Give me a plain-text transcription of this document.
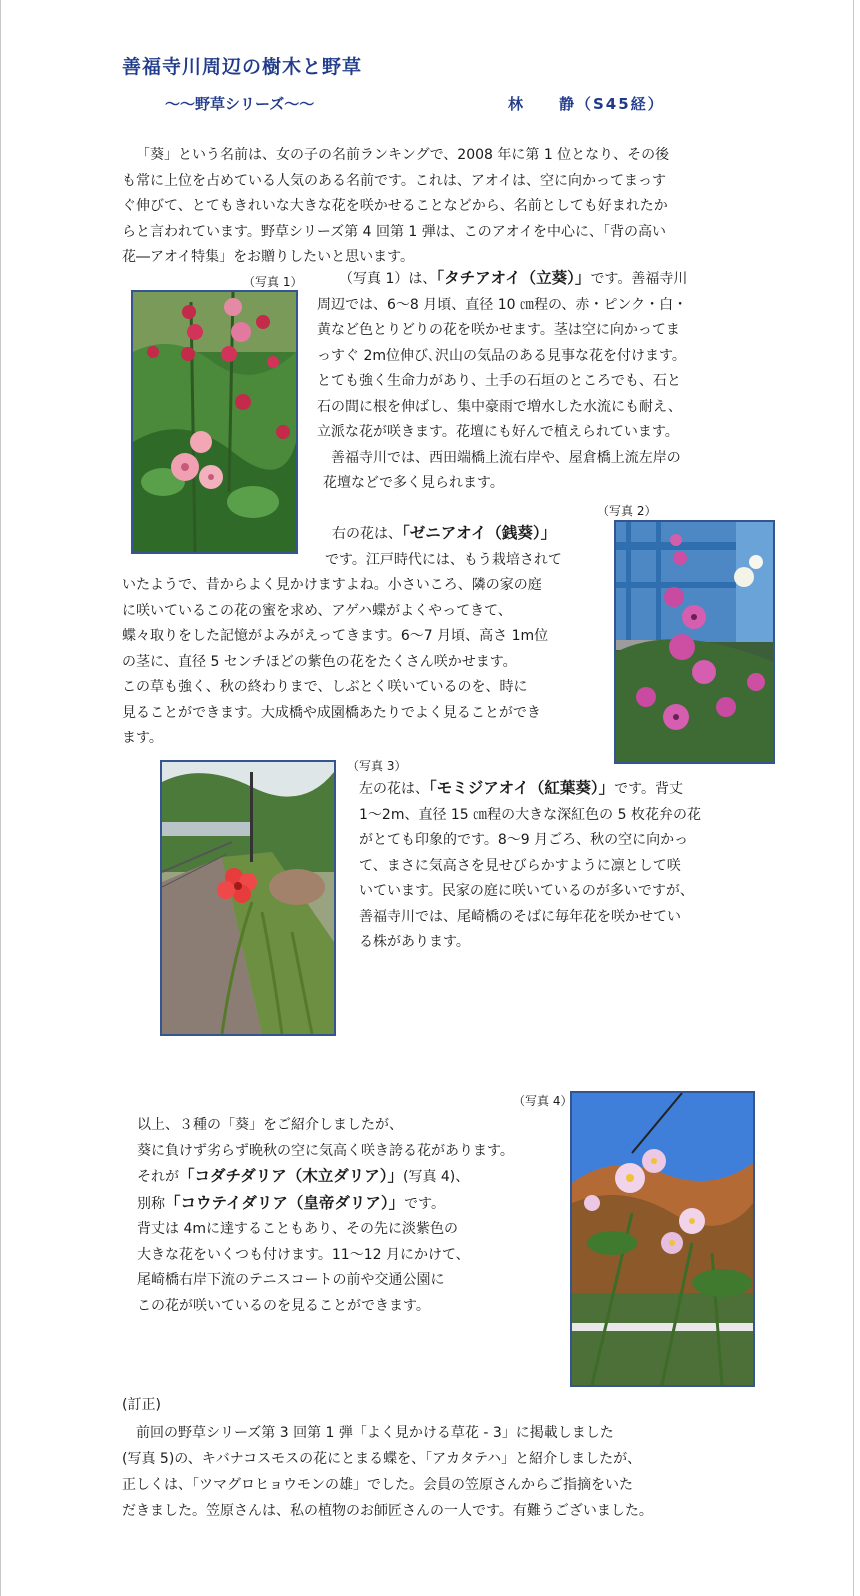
善福寺川周辺の樹木と野草
～～野草シリーズ～～	林　　静（S45経）
「葵」という名前は、女の子の名前ランキングで、2008 年に第 1 位となり、その後
も常に上位を占めている人気のある名前です。これは、アオイは、空に向かってまっす
ぐ伸びて、とてもきれいな大きな花を咲かせることなどから、名前としても好まれたか
らと言われています。野草シリーズ第 4 回第 1 弾は、このアオイを中心に、「背の高い
花―アオイ特集」をお贈りしたいと思います。
（写真 1）	（写真 1）は、「タチアオイ（立葵）」です。善福寺川
周辺では、6～8 月頃、直径 10 ㎝程の、赤・ピンク・白・
黄など色とりどりの花を咲かせます。茎は空に向かってま
っすぐ 2m位伸び､沢山の気品のある見事な花を付けます。
とても強く生命力があり、土手の石垣のところでも、石と
石の間に根を伸ばし、集中豪雨で増水した水流にも耐え、
立派な花が咲きます。花壇にも好んで植えられています。
善福寺川では、西田端橋上流右岸や、屋倉橋上流左岸の
花壇などで多く見られます。
（写真 2）
右の花は、「ゼニアオイ（銭葵）」
です。江戸時代には、もう栽培されて
いたようで、昔からよく見かけますよね。小さいころ、隣の家の庭
に咲いているこの花の蜜を求め、アゲハ蝶がよくやってきて、
蝶々取りをした記憶がよみがえってきます。6～7 月頃、高さ 1m位
の茎に、直径 5 センチほどの紫色の花をたくさん咲かせます。
この草も強く、秋の終わりまで、しぶとく咲いているのを、時に
見ることができます。大成橋や成園橋あたりでよく見ることができ
ます。
（写真 3）
左の花は、「モミジアオイ（紅葉葵）」です。背丈
1～2m、直径 15 ㎝程の大きな深紅色の 5 枚花弁の花
がとても印象的です。8～9 月ごろ、秋の空に向かっ
て、まさに気高さを見せびらかすように凛として咲
いています。民家の庭に咲いているのが多いですが、
善福寺川では、尾崎橋のそばに毎年花を咲かせてい
る株があります。
（写真 4）
以上、３種の「葵」をご紹介しましたが、
葵に負けず劣らず晩秋の空に気高く咲き誇る花があります。
それが「コダチダリア（木立ダリア）」(写真 4)、
別称「コウテイダリア（皇帝ダリア）」です。
背丈は 4mに達することもあり、その先に淡紫色の
大きな花をいくつも付けます。11～12 月にかけて、
尾崎橋右岸下流のテニスコートの前や交通公園に
この花が咲いているのを見ることができます。
(訂正)
　前回の野草シリーズ第 3 回第 1 弾「よく見かける草花 - 3」に掲載しました
(写真 5)の、キバナコスモスの花にとまる蝶を、「アカタテハ」と紹介しましたが、
正しくは、「ツマグロヒョウモンの雄」でした。会員の笠原さんからご指摘をいた
だきました。笠原さんは、私の植物のお師匠さんの一人です。有難うございました。
